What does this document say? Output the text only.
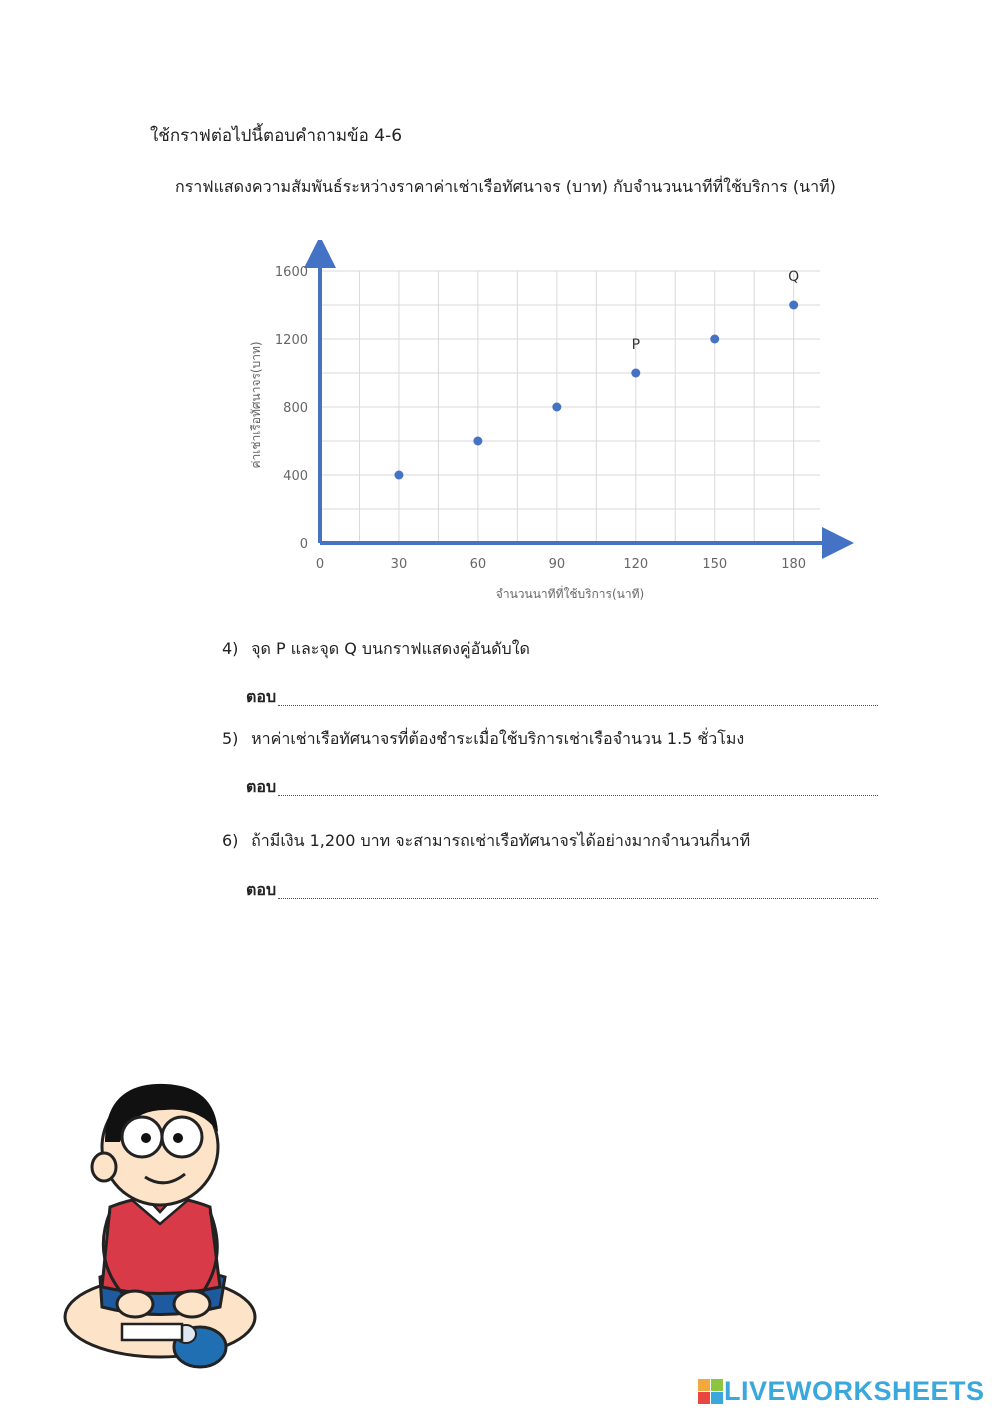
ใช้กราฟต่อไปนี้ตอบคำถามข้อ 4-6
กราฟแสดงความสัมพันธ์ระหว่างราคาค่าเช่าเรือทัศนาจร (บาท) กับจำนวนนาทีที่ใช้บริการ (นาที)
0	30	60	90	120	150	180
0
400
800
1200
1600
P
Q
ค่าเช่าเรือทัศนาจร(บาท)
จำนวนนาทีที่ใช้บริการ(นาที)
4) จุด P และจุด Q บนกราฟแสดงคู่อันดับใด
ตอบ
5) หาค่าเช่าเรือทัศนาจรที่ต้องชำระเมื่อใช้บริการเช่าเรือจำนวน 1.5 ชั่วโมง
ตอบ
6) ถ้ามีเงิน 1,200 บาท จะสามารถเช่าเรือทัศนาจรได้อย่างมากจำนวนกี่นาที
ตอบ
LIVEWORKSHEETS
